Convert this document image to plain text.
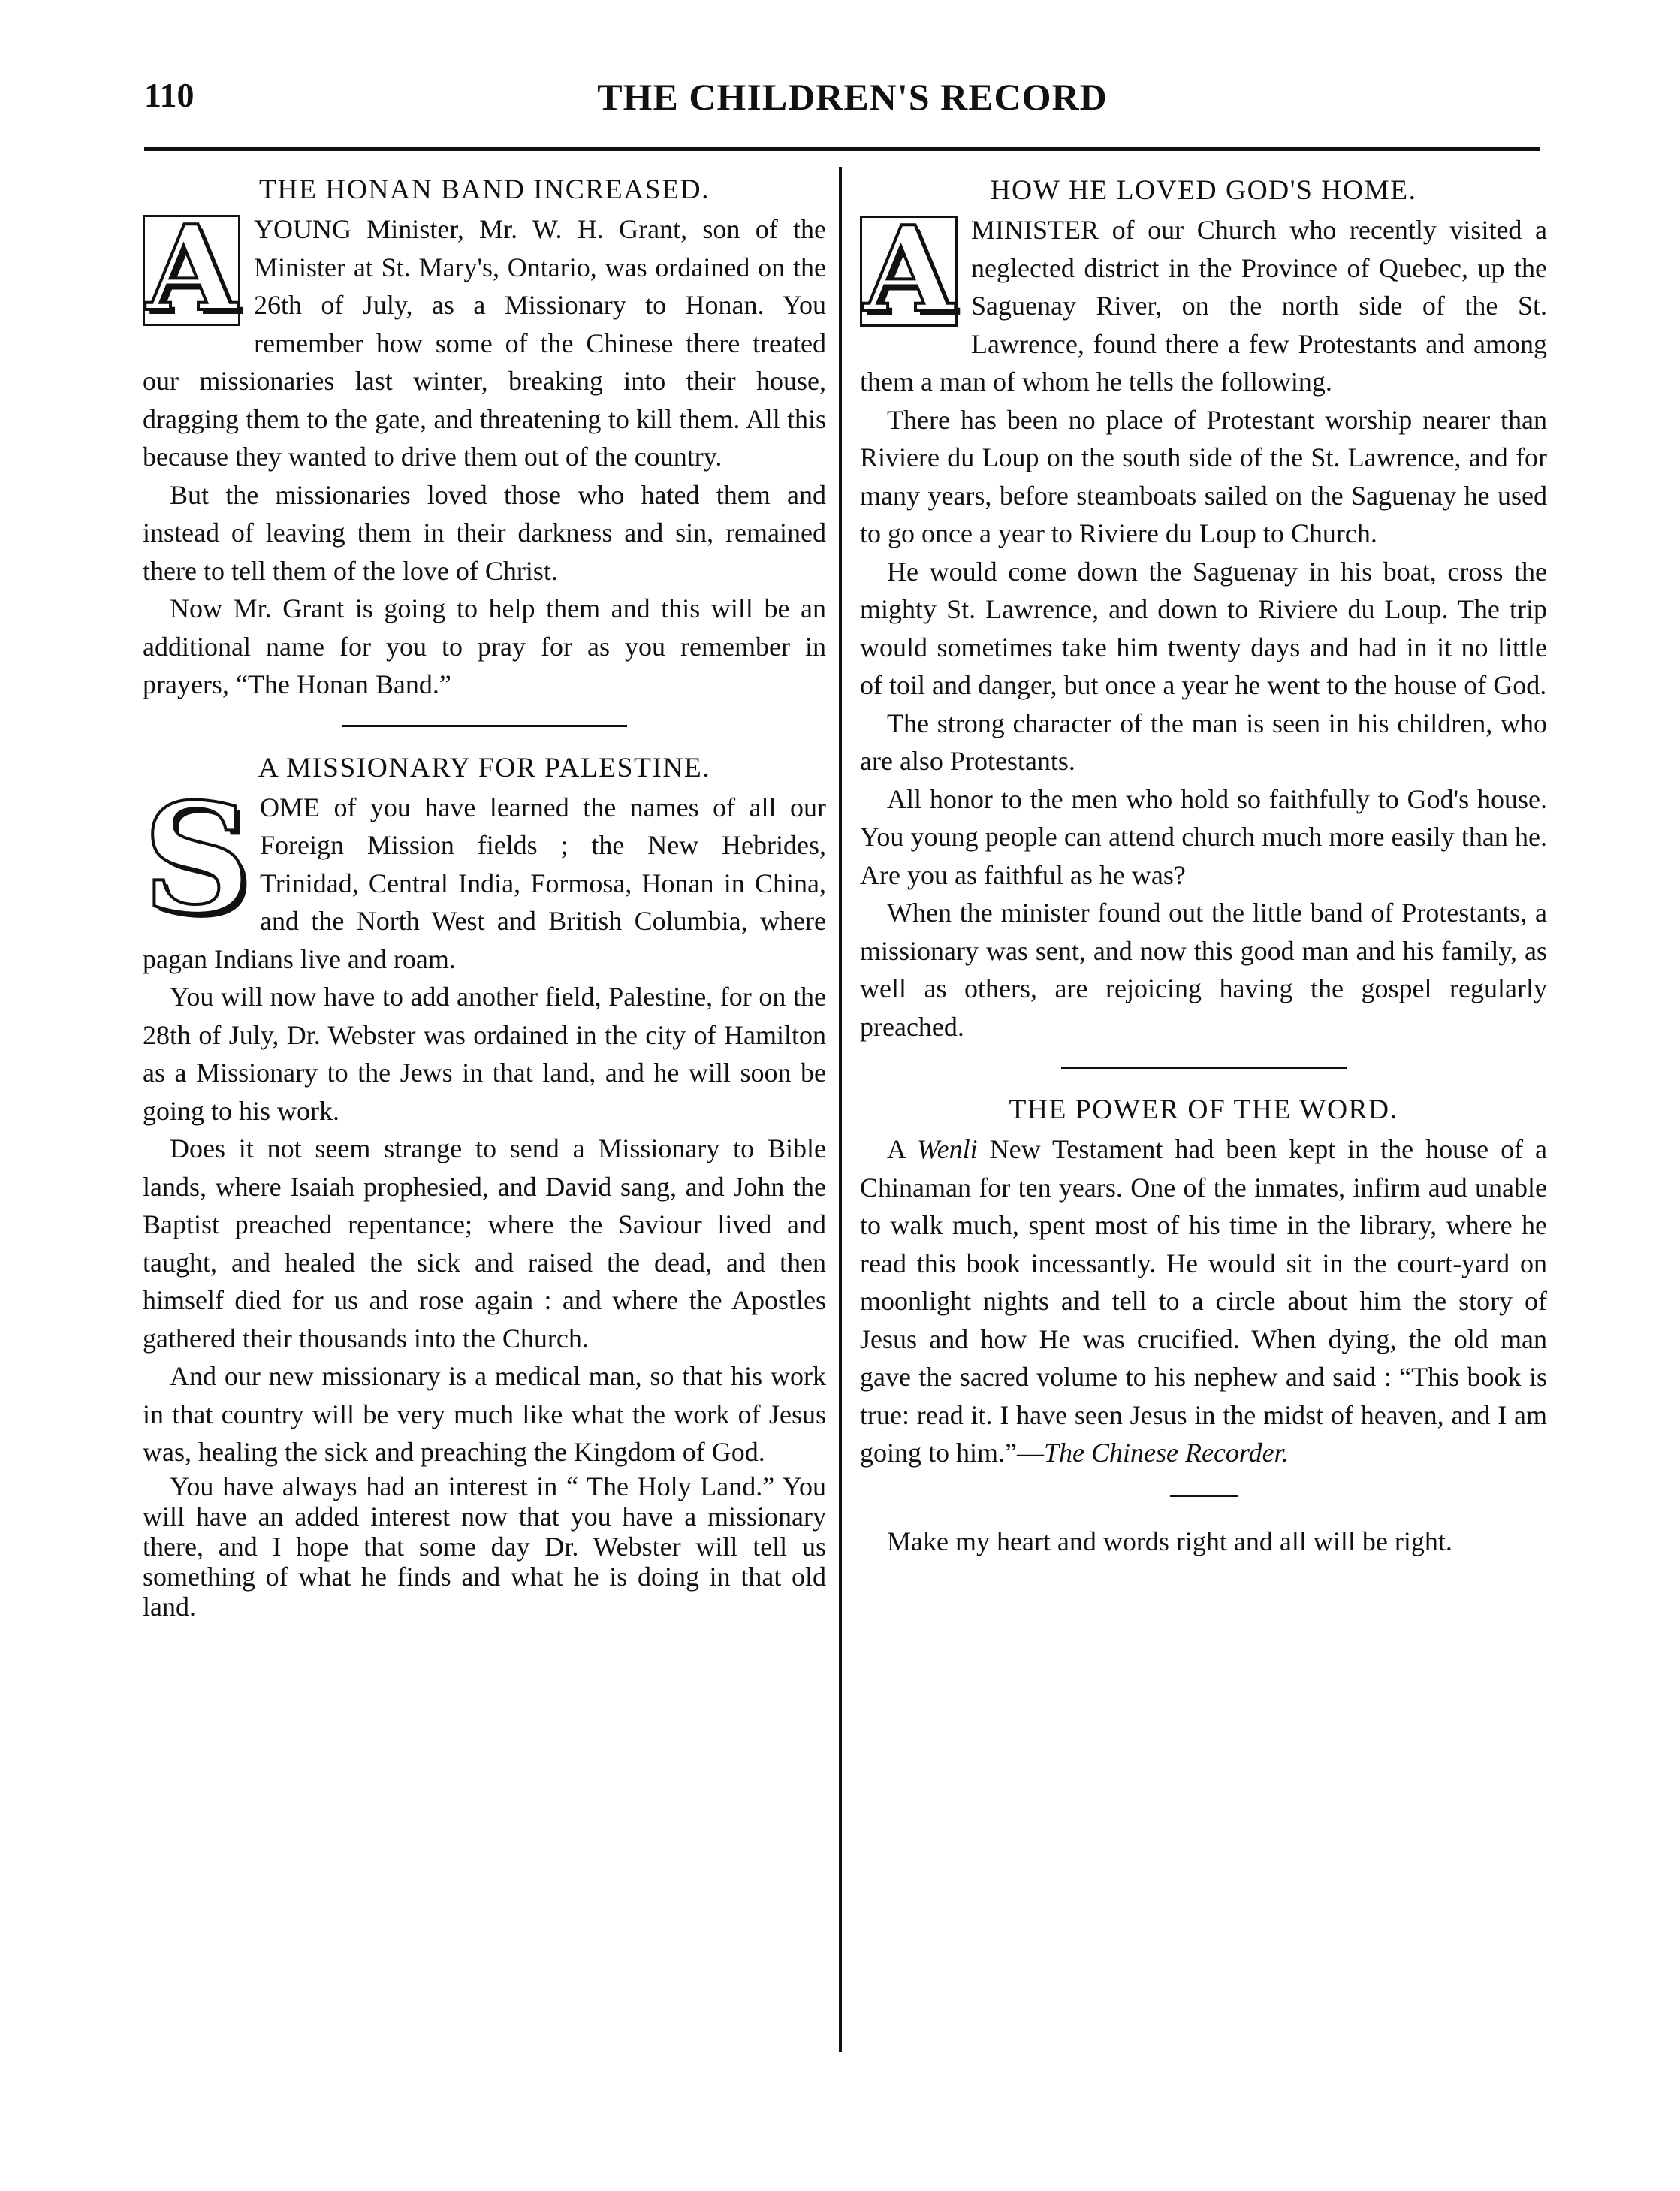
110	THE CHILDREN'S RECORD
THE HONAN BAND INCREASED.
A YOUNG Minister, Mr. W. H. Grant, son of the Minister at St. Mary's, Ontario, was ordained on the 26th of July, as a Missionary to Honan. You remember how some of the Chinese there treated our missionaries last winter, breaking into their house, dragging them to the gate, and threatening to kill them. All this because they wanted to drive them out of the country.

But the missionaries loved those who hated them and instead of leaving them in their darkness and sin, remained there to tell them of the love of Christ.

Now Mr. Grant is going to help them and this will be an additional name for you to pray for as you remember in prayers, “The Honan Band.”

A MISSIONARY FOR PALESTINE.
S OME of you have learned the names of all our Foreign Mission fields ; the New Hebrides, Trinidad, Central India, Formosa, Honan in China, and the North West and British Columbia, where pagan Indians live and roam.

You will now have to add another field, Palestine, for on the 28th of July, Dr. Webster was ordained in the city of Hamilton as a Missionary to the Jews in that land, and he will soon be going to his work.

Does it not seem strange to send a Missionary to Bible lands, where Isaiah prophesied, and David sang, and John the Baptist preached repentance; where the Saviour lived and taught, and healed the sick and raised the dead, and then himself died for us and rose again : and where the Apostles gathered their thousands into the Church.

And our new missionary is a medical man, so that his work in that country will be very much like what the work of Jesus was, healing the sick and preaching the Kingdom of God.

You have always had an interest in “ The Holy Land.” You will have an added interest now that you have a missionary there, and I hope that some day Dr. Webster will tell us something of what he finds and what he is doing in that old land.

HOW HE LOVED GOD'S HOME.
A MINISTER of our Church who recently visited a neglected district in the Province of Quebec, up the Saguenay River, on the north side of the St. Lawrence, found there a few Protestants and among them a man of whom he tells the following.

There has been no place of Protestant worship nearer than Riviere du Loup on the south side of the St. Lawrence, and for many years, before steamboats sailed on the Saguenay he used to go once a year to Riviere du Loup to Church.

He would come down the Saguenay in his boat, cross the mighty St. Lawrence, and down to Riviere du Loup. The trip would sometimes take him twenty days and had in it no little of toil and danger, but once a year he went to the house of God.

The strong character of the man is seen in his children, who are also Protestants.

All honor to the men who hold so faithfully to God's house. You young people can attend church much more easily than he. Are you as faithful as he was?

When the minister found out the little band of Protestants, a missionary was sent, and now this good man and his family, as well as others, are rejoicing having the gospel regularly preached.

THE POWER OF THE WORD.

A Wenli New Testament had been kept in the house of a Chinaman for ten years. One of the inmates, infirm aud unable to walk much, spent most of his time in the library, where he read this book incessantly. He would sit in the court-yard on moonlight nights and tell to a circle about him the story of Jesus and how He was crucified. When dying, the old man gave the sacred volume to his nephew and said : “This book is true: read it. I have seen Jesus in the midst of heaven, and I am going to him.”—The Chinese Recorder.

Make my heart and words right and all will be right.
